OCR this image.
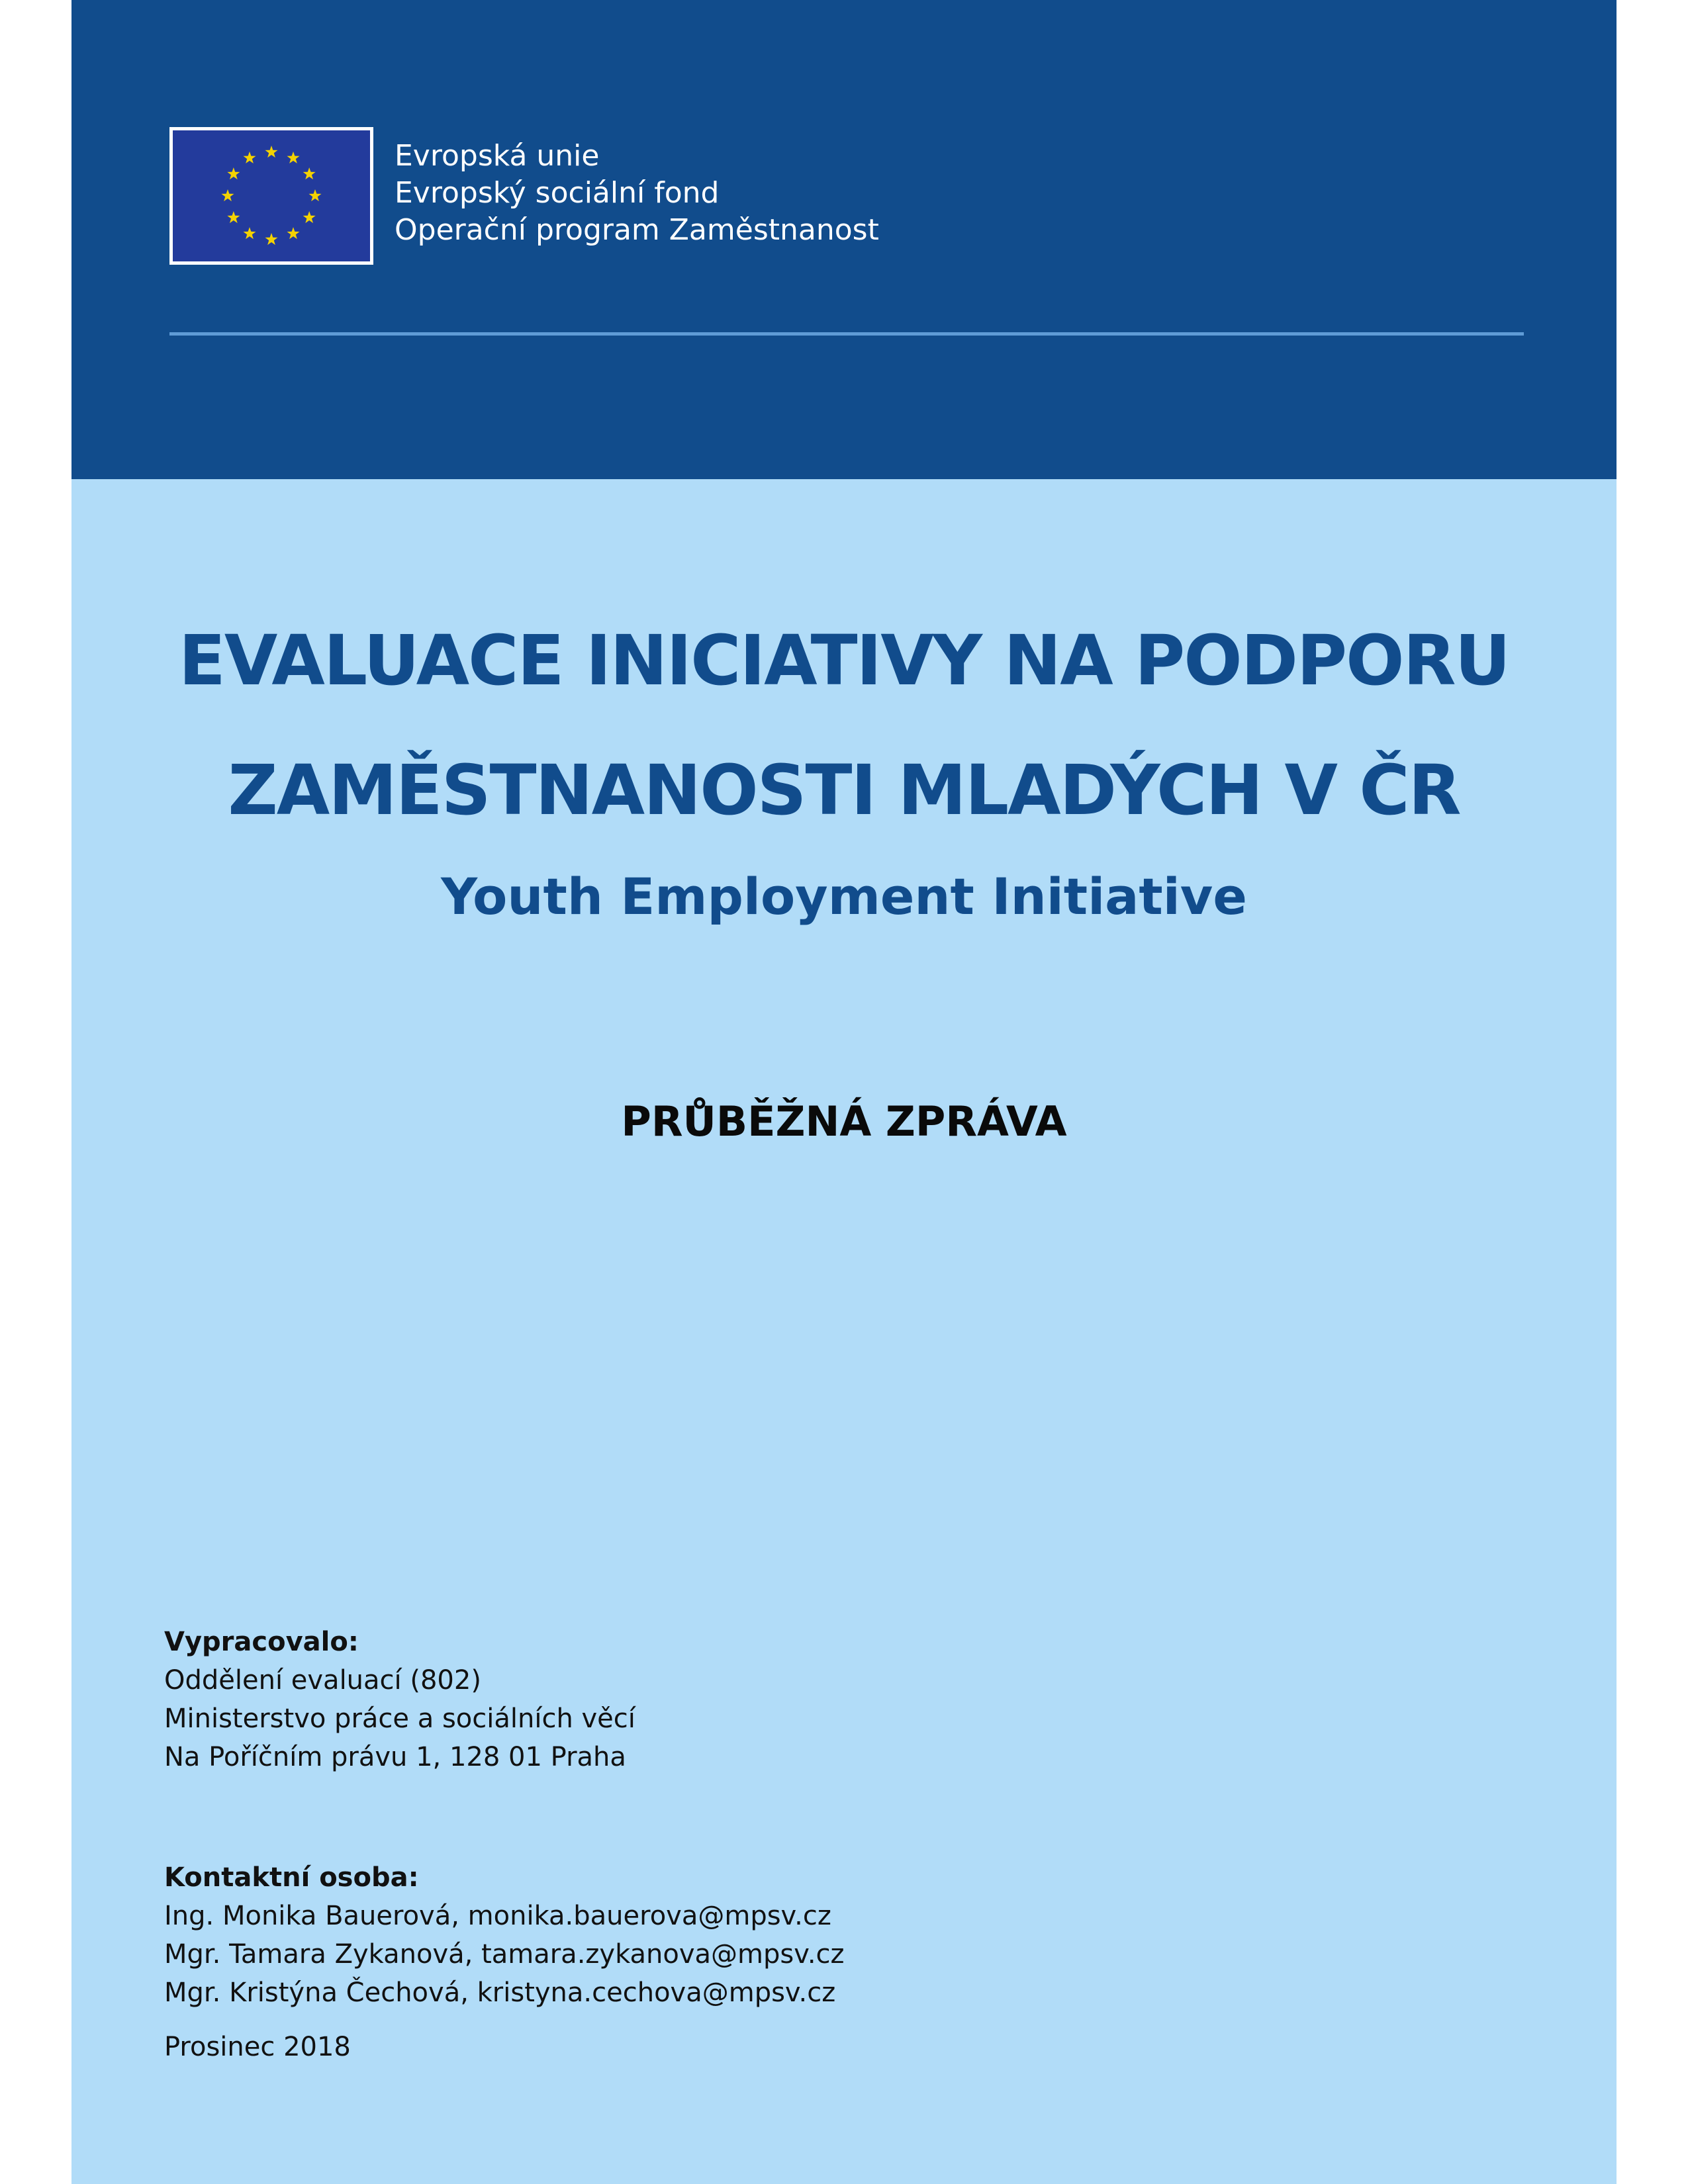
Evropská unie
Evropský sociální fond
Operační program Zaměstnanost
EVALUACE INICIATIVY NA PODPORU
ZAMĚSTNANOSTI MLADÝCH V ČR
Youth Employment Initiative
PRŮBĚŽNÁ ZPRÁVA
Vypracovalo:
Oddělení evaluací (802)
Ministerstvo práce a sociálních věcí
Na Poříčním právu 1, 128 01 Praha
Kontaktní osoba:
Ing. Monika Bauerová, monika.bauerova@mpsv.cz
Mgr. Tamara Zykanová, tamara.zykanova@mpsv.cz
Mgr. Kristýna Čechová, kristyna.cechova@mpsv.cz
Prosinec 2018
